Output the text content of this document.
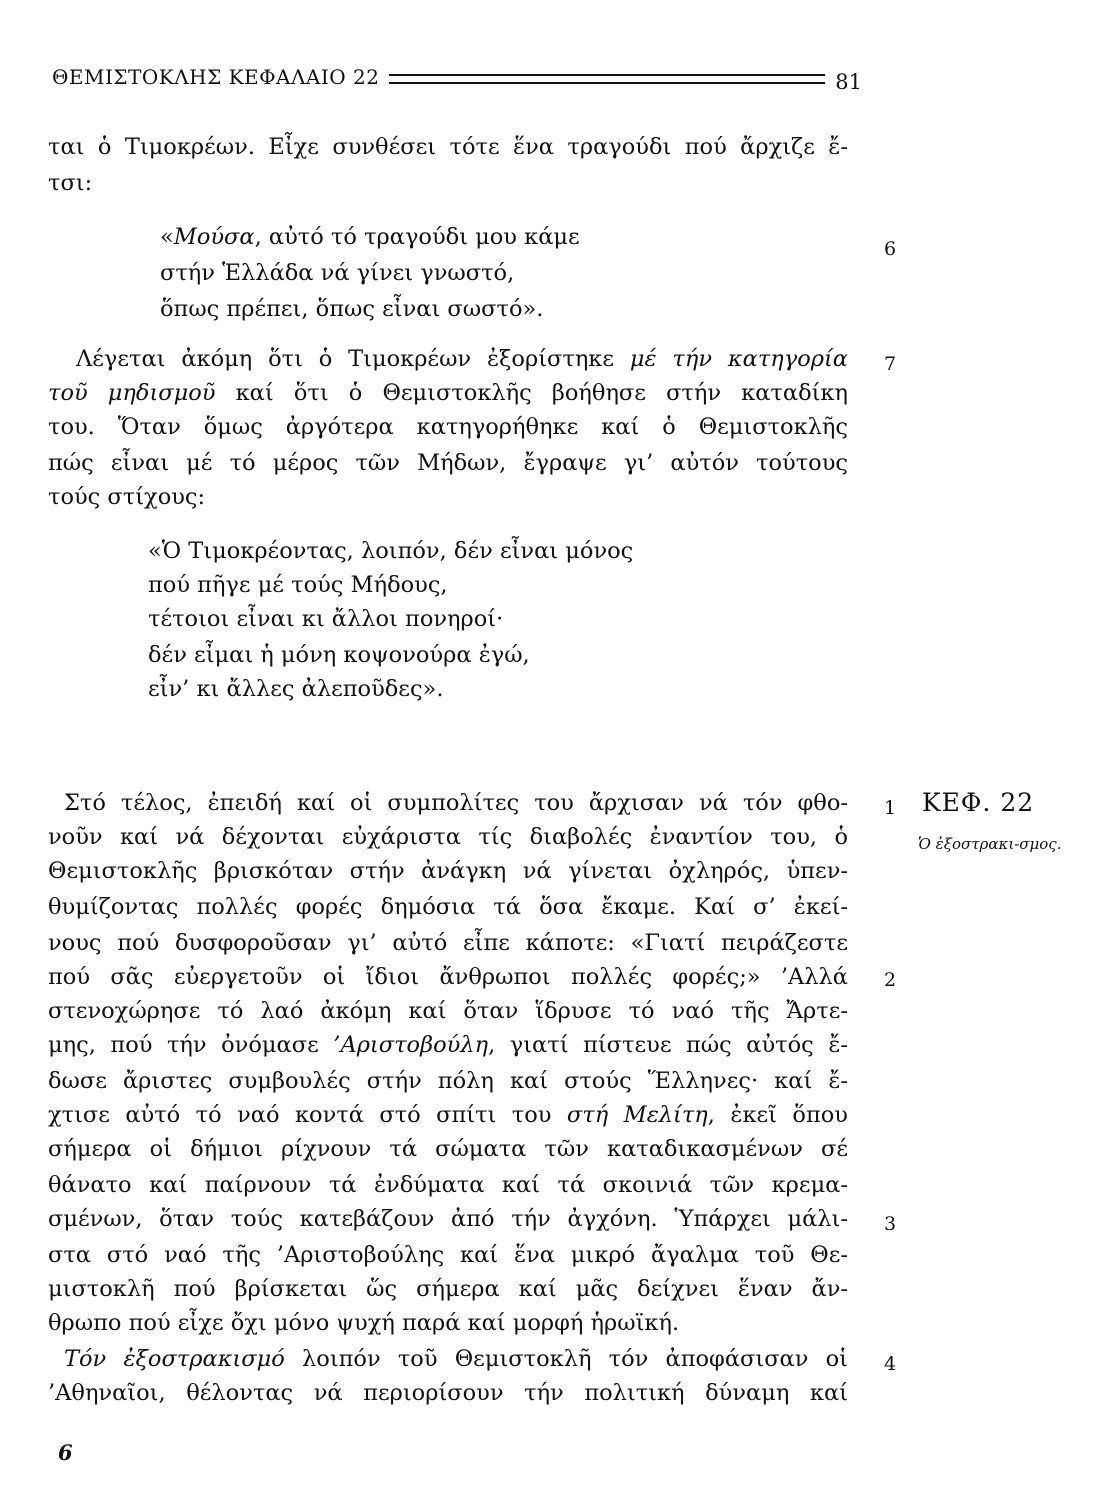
ΘΕΜΙΣΤΟΚΛΗΣ ΚΕΦΑΛΑΙΟ 22	81
ται ὁ Τιμοκρέων. Εἶχε συνθέσει τότε ἕνα τραγούδι πού ἄρχιζε ἔ-
τσι:
«Μούσα, αὐτό τό τραγούδι μου κάμε
στήν Ἑλλάδα νά γίνει γνωστό,
ὅπως πρέπει, ὅπως εἶναι σωστό».
6
Λέγεται ἀκόμη ὅτι ὁ Τιμοκρέων ἐξορίστηκε μέ τήν κατηγορία
τοῦ μηδισμοῦ καί ὅτι ὁ Θεμιστοκλῆς βοήθησε στήν καταδίκη
του. Ὅταν ὅμως ἀργότερα κατηγορήθηκε καί ὁ Θεμιστοκλῆς
πώς εἶναι μέ τό μέρος τῶν Μήδων, ἔγραψε γι’ αὐτόν τούτους
τούς στίχους:
7
«Ὁ Τιμοκρέοντας, λοιπόν, δέν εἶναι μόνος
πού πῆγε μέ τούς Μήδους,
τέτοιοι εἶναι κι ἄλλοι πονηροί·
δέν εἶμαι ἡ μόνη κοψονούρα ἐγώ,
εἶν’ κι ἄλλες ἀλεποῦδες».
Στό τέλος, ἐπειδή καί οἱ συμπολίτες του ἄρχισαν νά τόν φθο-
νοῦν καί νά δέχονται εὐχάριστα τίς διαβολές ἐναντίον του, ὁ
Θεμιστοκλῆς βρισκόταν στήν ἀνάγκη νά γίνεται ὀχληρός, ὑπεν-
θυμίζοντας πολλές φορές δημόσια τά ὅσα ἔκαμε. Καί σ’ ἐκεί-
νους πού δυσφοροῦσαν γι’ αὐτό εἶπε κάποτε: «Γιατί πειράζεστε
πού σᾶς εὐεργετοῦν οἱ ἴδιοι ἄνθρωποι πολλές φορές;» ’Αλλά
στενοχώρησε τό λαό ἀκόμη καί ὅταν ἵδρυσε τό ναό τῆς Ἄρτε-
μης, πού τήν ὀνόμασε ’Αριστοβούλη, γιατί πίστευε πώς αὐτός ἔ-
δωσε ἄριστες συμβουλές στήν πόλη καί στούς Ἕλληνες· καί ἔ-
χτισε αὐτό τό ναό κοντά στό σπίτι του στή Μελίτη, ἐκεῖ ὅπου
σήμερα οἱ δήμιοι ρίχνουν τά σώματα τῶν καταδικασμένων σέ
θάνατο καί παίρνουν τά ἐνδύματα καί τά σκοινιά τῶν κρεμα-
σμένων, ὅταν τούς κατεβάζουν ἀπό τήν ἀγχόνη. Ὑπάρχει μάλι-
στα στό ναό τῆς ’Αριστοβούλης καί ἕνα μικρό ἄγαλμα τοῦ Θε-
μιστοκλῆ πού βρίσκεται ὥς σήμερα καί μᾶς δείχνει ἕναν ἄν-
θρωπο πού εἶχε ὄχι μόνο ψυχή παρά καί μορφή ἡρωϊκή.
Τόν ἐξοστρακισμό λοιπόν τοῦ Θεμιστοκλῆ τόν ἀποφάσισαν οἱ
’Αθηναῖοι, θέλοντας νά περιορίσουν τήν πολιτική δύναμη καί
1
2
3
4
ΚΕΦ. 22
Ὁ ἐξοστρακι-σμος.
6
